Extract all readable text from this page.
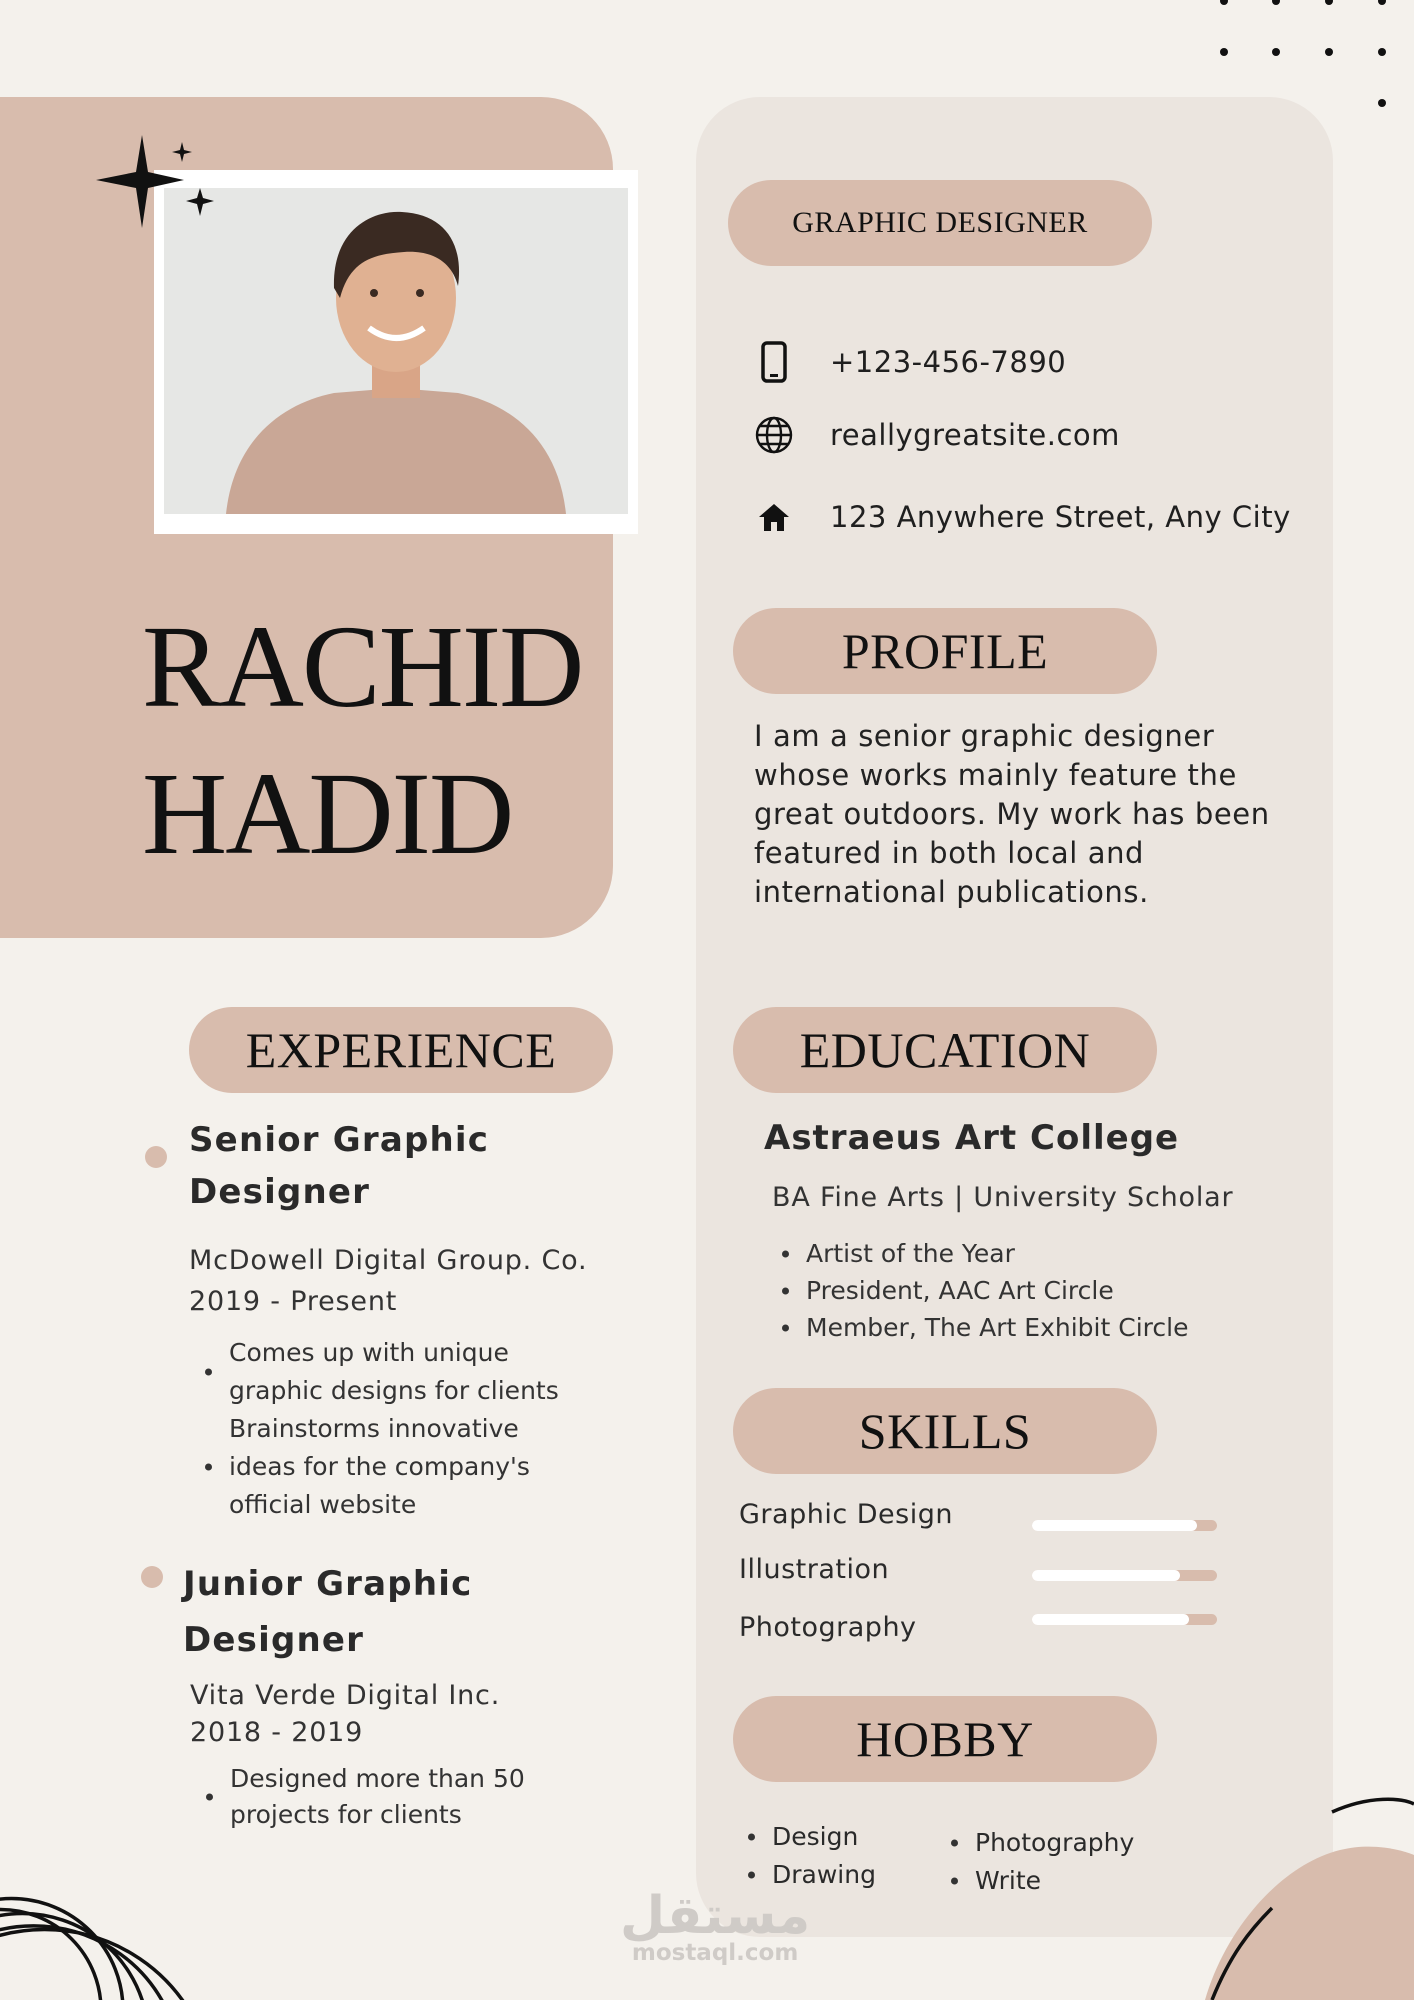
RACHID
HADID
GRAPHIC DESIGNER
+123-456-7890
reallygreatsite.com
123 Anywhere Street, Any City
PROFILE
I am a senior graphic designer whose works mainly feature the great outdoors. My work has been featured in both local and international publications.
EDUCATION
Astraeus Art College
BA Fine Arts | University Scholar
Artist of the Year
President, AAC Art Circle
Member, The Art Exhibit Circle
SKILLS
Graphic Design
Illustration
Photography
HOBBY
Design
Drawing
Photography
Write
EXPERIENCE
Senior Graphic
Designer
McDowell Digital Group. Co.
2019 - Present
Comes up with unique graphic designs for clients
Brainstorms innovative ideas for the company's official website
Junior Graphic
Designer
Vita Verde Digital Inc.
2018 - 2019
Designed more than 50 projects for clients
مستقل
mostaql.com
